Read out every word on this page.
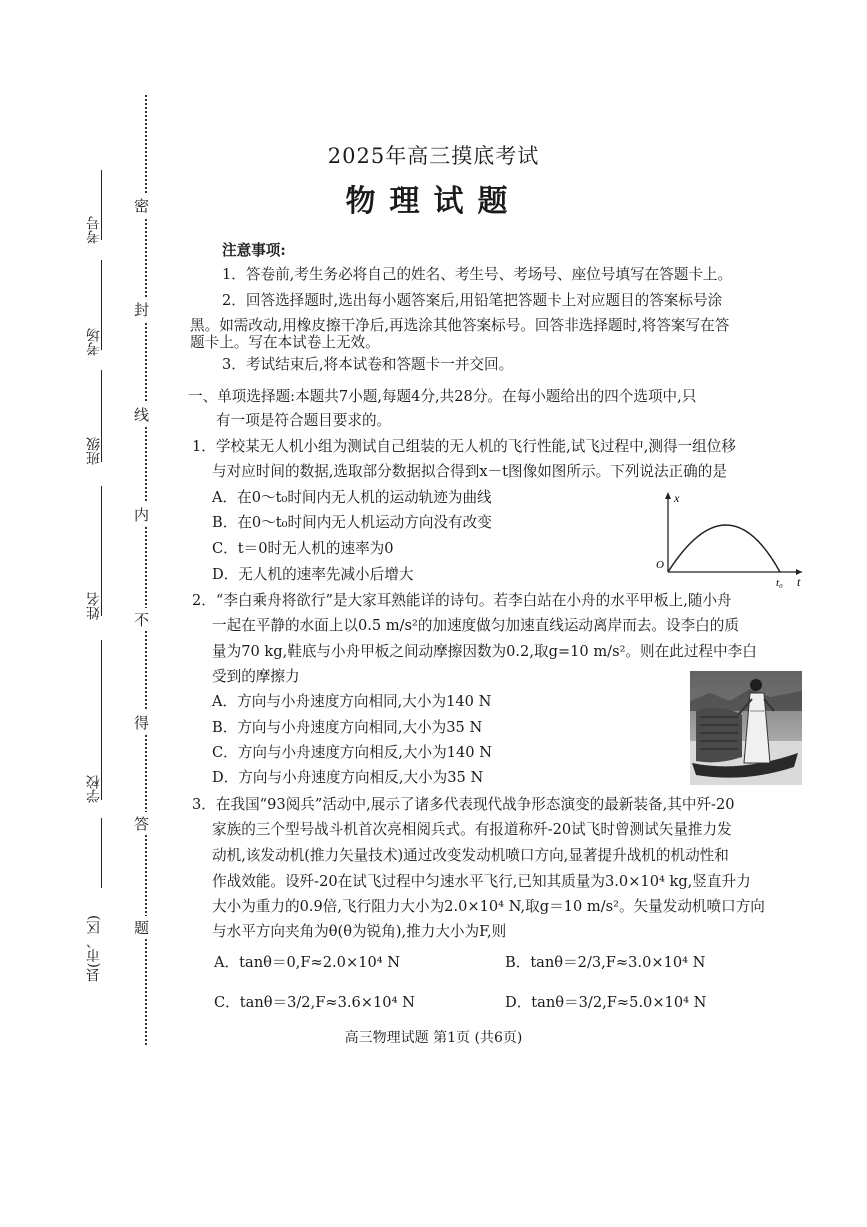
考号
考场
班级
姓名
学校
县(市、区)
密
封
线
内
不
得
答
题
2025年高三摸底考试
物理试题
注意事项:
1．答卷前,考生务必将自己的姓名、考生号、考场号、座位号填写在答题卡上。
2．回答选择题时,选出每小题答案后,用铅笔把答题卡上对应题目的答案标号涂
黑。如需改动,用橡皮擦干净后,再选涂其他答案标号。回答非选择题时,将答案写在答
题卡上。写在本试卷上无效。
3．考试结束后,将本试卷和答题卡一并交回。
一、单项选择题:本题共7小题,每题4分,共28分。在每小题给出的四个选项中,只
有一项是符合题目要求的。
1．学校某无人机小组为测试自己组装的无人机的飞行性能,试飞过程中,测得一组位移
与对应时间的数据,选取部分数据拟合得到x－t图像如图所示。下列说法正确的是
A．在0～t₀时间内无人机的运动轨迹为曲线
B．在0～t₀时间内无人机运动方向没有改变
C．t＝0时无人机的速率为0
D．无人机的速率先减小后增大
x
O
t₀ t
2．“李白乘舟将欲行”是大家耳熟能详的诗句。若李白站在小舟的水平甲板上,随小舟
一起在平静的水面上以0.5 m/s²的加速度做匀加速直线运动离岸而去。设李白的质
量为70 kg,鞋底与小舟甲板之间动摩擦因数为0.2,取g=10 m/s²。则在此过程中李白
受到的摩擦力
A．方向与小舟速度方向相同,大小为140 N
B．方向与小舟速度方向相同,大小为35 N
C．方向与小舟速度方向相反,大小为140 N
D．方向与小舟速度方向相反,大小为35 N
3．在我国“93阅兵”活动中,展示了诸多代表现代战争形态演变的最新装备,其中歼-20
家族的三个型号战斗机首次亮相阅兵式。有报道称歼-20试飞时曾测试矢量推力发
动机,该发动机(推力矢量技术)通过改变发动机喷口方向,显著提升战机的机动性和
作战效能。设歼-20在试飞过程中匀速水平飞行,已知其质量为3.0×10⁴ kg,竖直升力
大小为重力的0.9倍,飞行阻力大小为2.0×10⁴ N,取g＝10 m/s²。矢量发动机喷口方向
与水平方向夹角为θ(θ为锐角),推力大小为F,则
A．tanθ＝0,F≈2.0×10⁴ N	B．tanθ＝2/3,F≈3.0×10⁴ N
C．tanθ＝3/2,F≈3.6×10⁴ N	D．tanθ＝3/2,F≈5.0×10⁴ N
高三物理试题 第1页 (共6页)
